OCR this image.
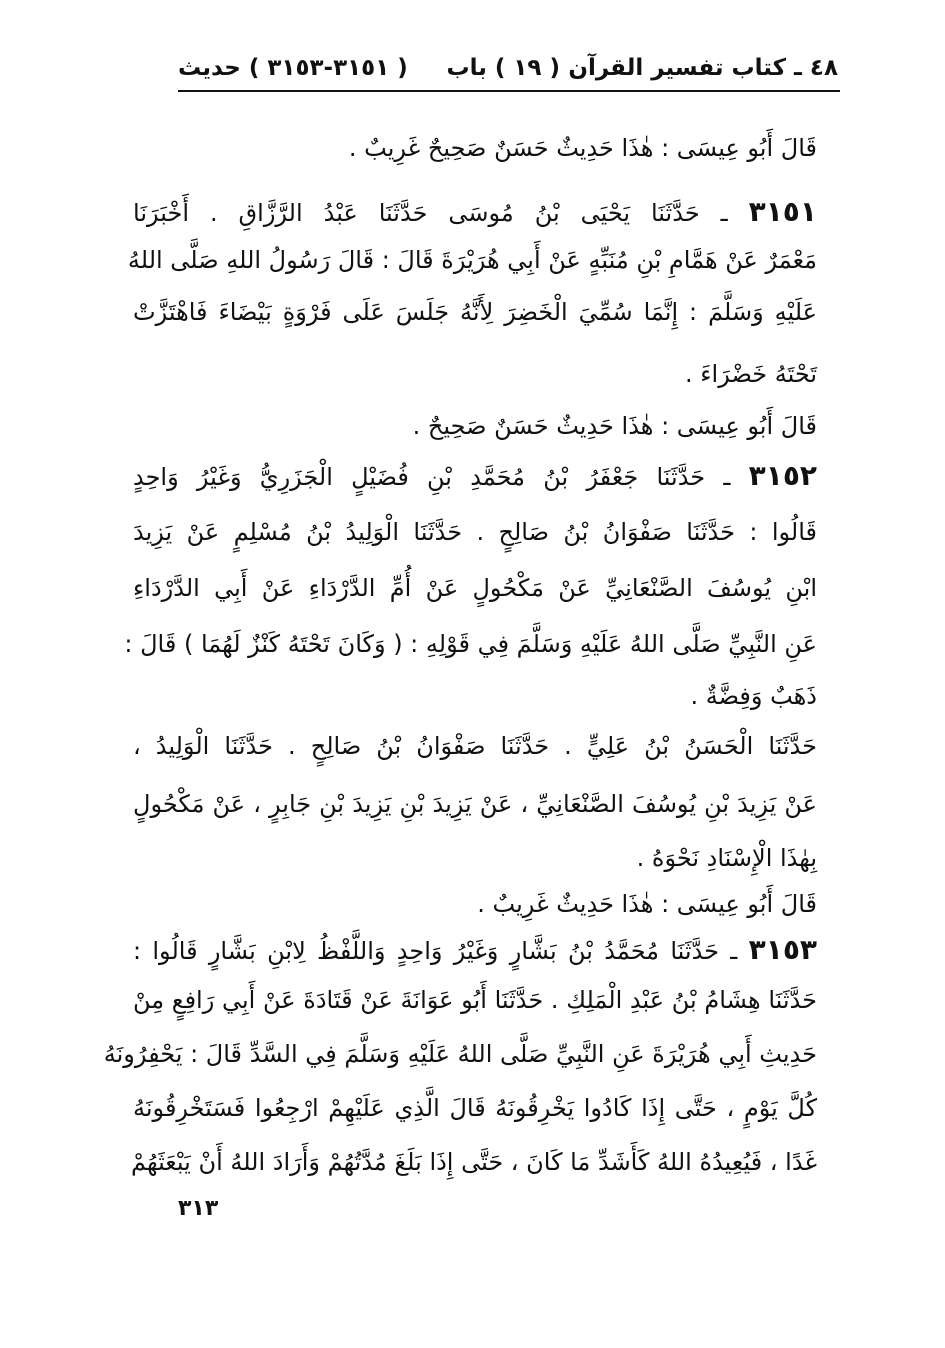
٤٨ ـ كتاب تفسير القرآن
( ١٩ ) باب
( ٣١٥١-٣١٥٣ ) حديث
قَالَ أَبُو عِيسَى : هٰذَا حَدِيثٌ حَسَنٌ صَحِيحٌ غَرِيبٌ .
٣١٥١ ـ حَدَّثَنَا يَحْيَى بْنُ مُوسَى حَدَّثَنَا عَبْدُ الرَّزَّاقِ . أَخْبَرَنَا
مَعْمَرٌ عَنْ هَمَّامِ بْنِ مُنَبِّهٍ عَنْ أَبِي هُرَيْرَةَ قَالَ : قَالَ رَسُولُ اللهِ صَلَّى اللهُ
عَلَيْهِ وَسَلَّمَ : إِنَّمَا سُمِّيَ الْخَضِرَ لِأَنَّهُ جَلَسَ عَلَى فَرْوَةٍ بَيْضَاءَ فَاهْتَزَّتْ
تَحْتَهُ خَضْرَاءَ .
قَالَ أَبُو عِيسَى : هٰذَا حَدِيثٌ حَسَنٌ صَحِيحٌ .
٣١٥٢ ـ حَدَّثَنَا جَعْفَرُ بْنُ مُحَمَّدِ بْنِ فُضَيْلٍ الْجَزَرِيُّ وَغَيْرُ وَاحِدٍ
قَالُوا : حَدَّثَنَا صَفْوَانُ بْنُ صَالِحٍ . حَدَّثَنَا الْوَلِيدُ بْنُ مُسْلِمٍ عَنْ يَزِيدَ
ابْنِ يُوسُفَ الصَّنْعَانِيِّ عَنْ مَكْحُولٍ عَنْ أُمِّ الدَّرْدَاءِ عَنْ أَبِي الدَّرْدَاءِ
عَنِ النَّبِيِّ صَلَّى اللهُ عَلَيْهِ وَسَلَّمَ فِي قَوْلِهِ : ( وَكَانَ تَحْتَهُ كَنْزٌ لَهُمَا ) قَالَ :
ذَهَبٌ وَفِضَّةٌ .
حَدَّثَنَا الْحَسَنُ بْنُ عَلِيٍّ . حَدَّثَنَا صَفْوَانُ بْنُ صَالِحٍ . حَدَّثَنَا الْوَلِيدُ ،
عَنْ يَزِيدَ بْنِ يُوسُفَ الصَّنْعَانِيِّ ، عَنْ يَزِيدَ بْنِ يَزِيدَ بْنِ جَابِرٍ ، عَنْ مَكْحُولٍ
بِهٰذَا الْإِسْنَادِ نَحْوَهُ .
قَالَ أَبُو عِيسَى : هٰذَا حَدِيثٌ غَرِيبٌ .
٣١٥٣ ـ حَدَّثَنَا مُحَمَّدُ بْنُ بَشَّارٍ وَغَيْرُ وَاحِدٍ وَاللَّفْظُ لِابْنِ بَشَّارٍ قَالُوا :
حَدَّثَنَا هِشَامُ بْنُ عَبْدِ الْمَلِكِ . حَدَّثَنَا أَبُو عَوَانَةَ عَنْ قَتَادَةَ عَنْ أَبِي رَافِعٍ مِنْ
حَدِيثِ أَبِي هُرَيْرَةَ عَنِ النَّبِيِّ صَلَّى اللهُ عَلَيْهِ وَسَلَّمَ فِي السَّدِّ قَالَ : يَحْفِرُونَهُ
كُلَّ يَوْمٍ ، حَتَّى إِذَا كَادُوا يَخْرِقُونَهُ قَالَ الَّذِي عَلَيْهِمْ ارْجِعُوا فَسَتَخْرِقُونَهُ
غَدًا ، فَيُعِيدُهُ اللهُ كَأَشَدِّ مَا كَانَ ، حَتَّى إِذَا بَلَغَ مُدَّتُهُمْ وَأَرَادَ اللهُ أَنْ يَبْعَثَهُمْ
٣١٣
